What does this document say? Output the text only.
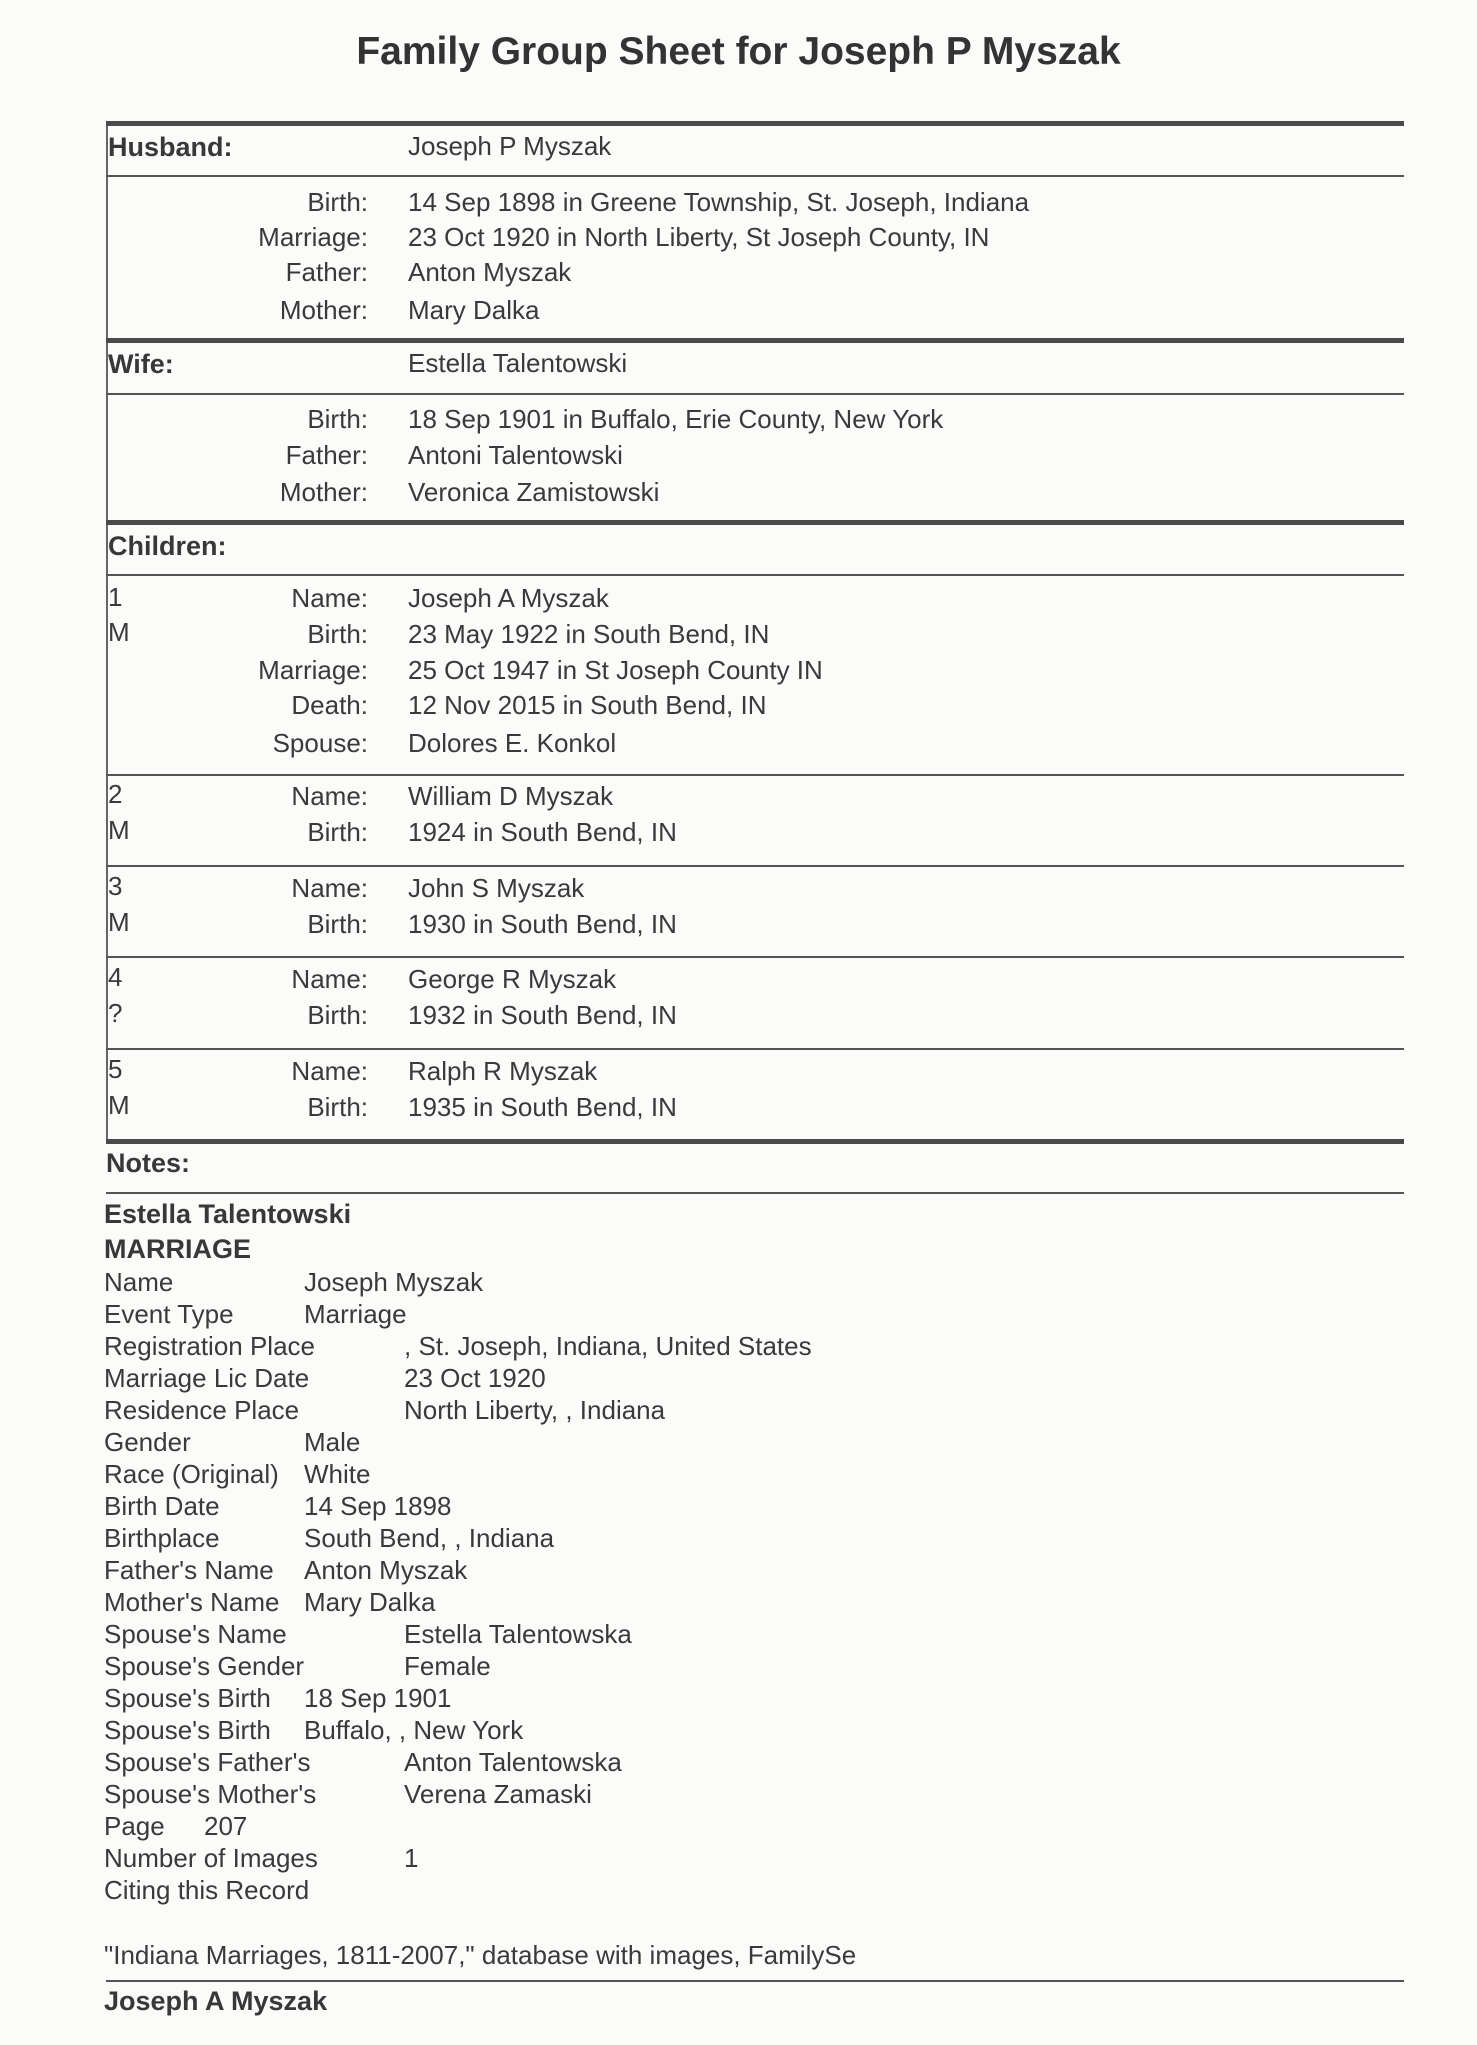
Family Group Sheet for Joseph P Myszak
Husband:	Joseph P Myszak
Birth: 14 Sep 1898 in Greene Township, St. Joseph, Indiana
Marriage: 23 Oct 1920 in North Liberty, St Joseph County, IN
Father: Anton Myszak
Mother: Mary Dalka
Wife:	Estella Talentowski
Birth: 18 Sep 1901 in Buffalo, Erie County, New York
Father: Antoni Talentowski
Mother: Veronica Zamistowski
Children:
1
M
Name: Joseph A Myszak
Birth: 23 May 1922 in South Bend, IN
Marriage: 25 Oct 1947 in St Joseph County IN
Death: 12 Nov 2015 in South Bend, IN
Spouse: Dolores E. Konkol
2
M
Name: William D Myszak
Birth: 1924 in South Bend, IN
3
M
Name: John S Myszak
Birth: 1930 in South Bend, IN
4
?
Name: George R Myszak
Birth: 1932 in South Bend, IN
5
M
Name: Ralph R Myszak
Birth: 1935 in South Bend, IN
Notes:
Estella Talentowski
MARRIAGE
Name	Joseph Myszak
Event Type	Marriage
Registration Place	, St. Joseph, Indiana, United States
Marriage Lic Date	23 Oct 1920
Residence Place	North Liberty, , Indiana
Gender	Male
Race (Original) White
Birth Date	14 Sep 1898
Birthplace	South Bend, , Indiana
Father's Name Anton Myszak
Mother's Name Mary Dalka
Spouse's Name	Estella Talentowska
Spouse's Gender	Female
Spouse's Birth 18 Sep 1901
Spouse's Birth Buffalo, , New York
Spouse's Father's	Anton Talentowska
Spouse's Mother's	Verena Zamaski
Page 207
Number of Images	1
Citing this Record
"Indiana Marriages, 1811-2007," database with images, FamilySe
Joseph A Myszak
